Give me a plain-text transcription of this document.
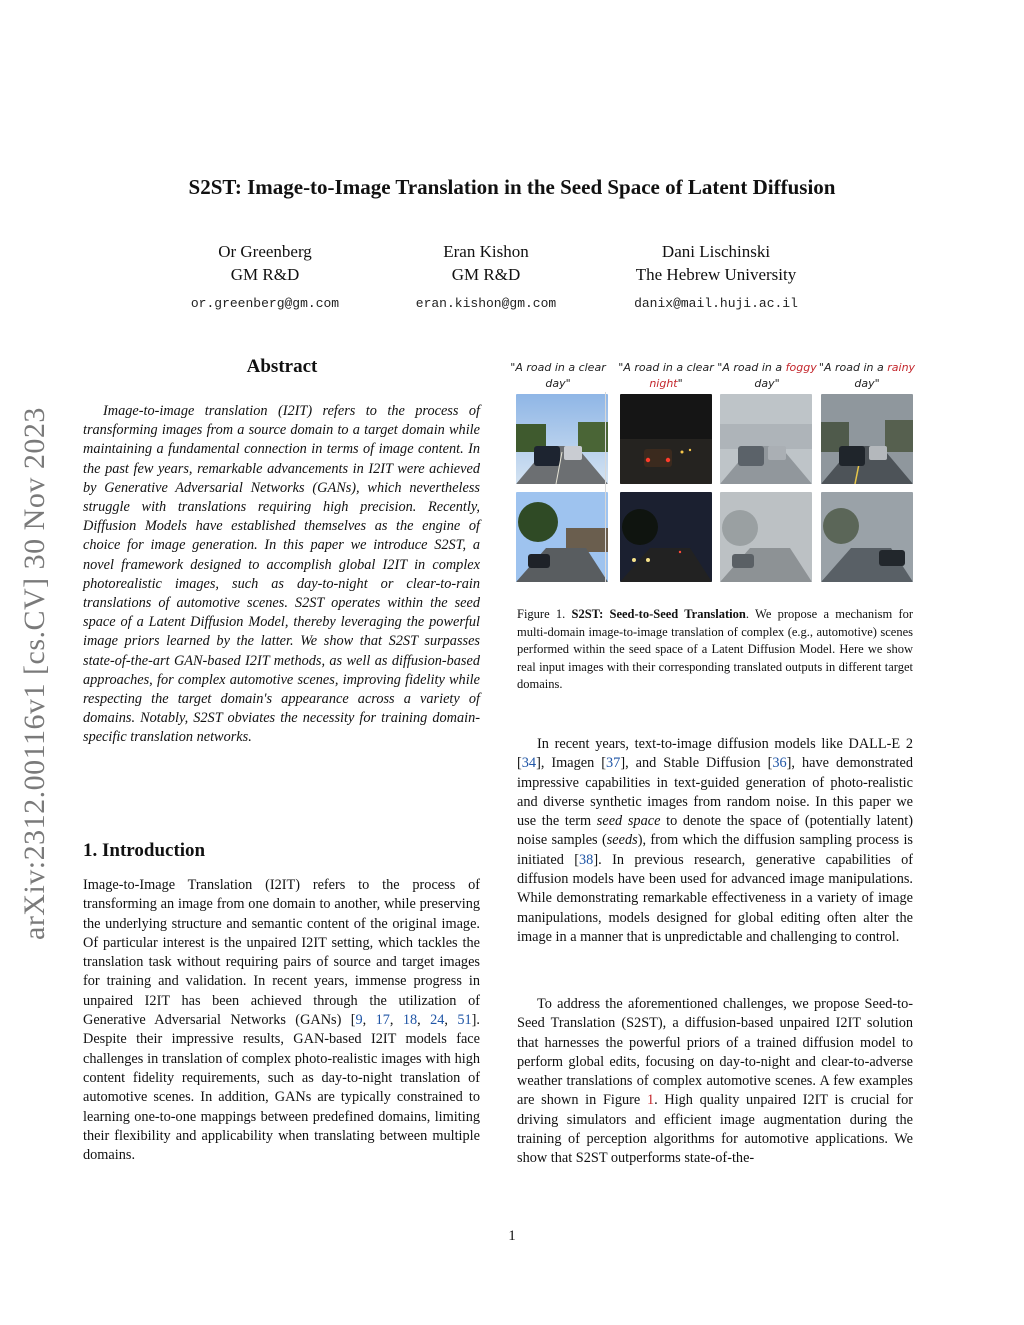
S2ST: Image-to-Image Translation in the Seed Space of Latent Diffusion
Or Greenberg
GM R&D
or.greenberg@gm.com
Eran Kishon
GM R&D
eran.kishon@gm.com
Dani Lischinski
The Hebrew University
danix@mail.huji.ac.il
arXiv:2312.00116v1 [cs.CV] 30 Nov 2023
Abstract
Image-to-image translation (I2IT) refers to the process of transforming images from a source domain to a target domain while maintaining a fundamental connection in terms of image content. In the past few years, remarkable advancements in I2IT were achieved by Generative Adversarial Networks (GANs), which nevertheless struggle with translations requiring high precision. Recently, Diffusion Models have established themselves as the engine of choice for image generation. In this paper we introduce S2ST, a novel framework designed to accomplish global I2IT in complex photorealistic images, such as day-to-night or clear-to-rain translations of automotive scenes. S2ST operates within the seed space of a Latent Diffusion Model, thereby leveraging the powerful image priors learned by the latter. We show that S2ST surpasses state-of-the-art GAN-based I2IT methods, as well as diffusion-based approaches, for complex automotive scenes, improving fidelity while respecting the target domain's appearance across a variety of domains. Notably, S2ST obviates the necessity for training domain-specific translation networks.
1. Introduction
Image-to-Image Translation (I2IT) refers to the process of transforming an image from one domain to another, while preserving the underlying structure and semantic content of the original image. Of particular interest is the unpaired I2IT setting, which tackles the translation task without requiring pairs of source and target images for training and validation. In recent years, immense progress in unpaired I2IT has been achieved through the utilization of Generative Adversarial Networks (GANs) [9, 17, 18, 24, 51]. Despite their impressive results, GAN-based I2IT models face challenges in translation of complex photo-realistic images with high content fidelity requirements, such as day-to-night translation of automotive scenes. In addition, GANs are typically constrained to learning one-to-one mappings between predefined domains, limiting their flexibility and applicability when translating between multiple domains.
"A road in a clear day"
"A road in a clear night"
"A road in a foggy day"
"A road in a rainy day"
Figure 1. S2ST: Seed-to-Seed Translation. We propose a mechanism for multi-domain image-to-image translation of complex (e.g., automotive) scenes performed within the seed space of a Latent Diffusion Model. Here we show real input images with their corresponding translated outputs in different target domains.
In recent years, text-to-image diffusion models like DALL-E 2 [34], Imagen [37], and Stable Diffusion [36], have demonstrated impressive capabilities in text-guided generation of photo-realistic and diverse synthetic images from random noise. In this paper we use the term seed space to denote the space of (potentially latent) noise samples (seeds), from which the diffusion sampling process is initiated [38]. In previous research, generative capabilities of diffusion models have been used for advanced image manipulations. While demonstrating remarkable effectiveness in a variety of image manipulations, models designed for global editing often alter the image in a manner that is unpredictable and challenging to control.
To address the aforementioned challenges, we propose Seed-to-Seed Translation (S2ST), a diffusion-based unpaired I2IT solution that harnesses the powerful priors of a trained diffusion model to perform global edits, focusing on day-to-night and clear-to-adverse weather translations of complex automotive scenes. A few examples are shown in Figure 1. High quality unpaired I2IT is crucial for driving simulators and efficient image augmentation during the training of perception algorithms for automotive applications. We show that S2ST outperforms state-of-the-
1
